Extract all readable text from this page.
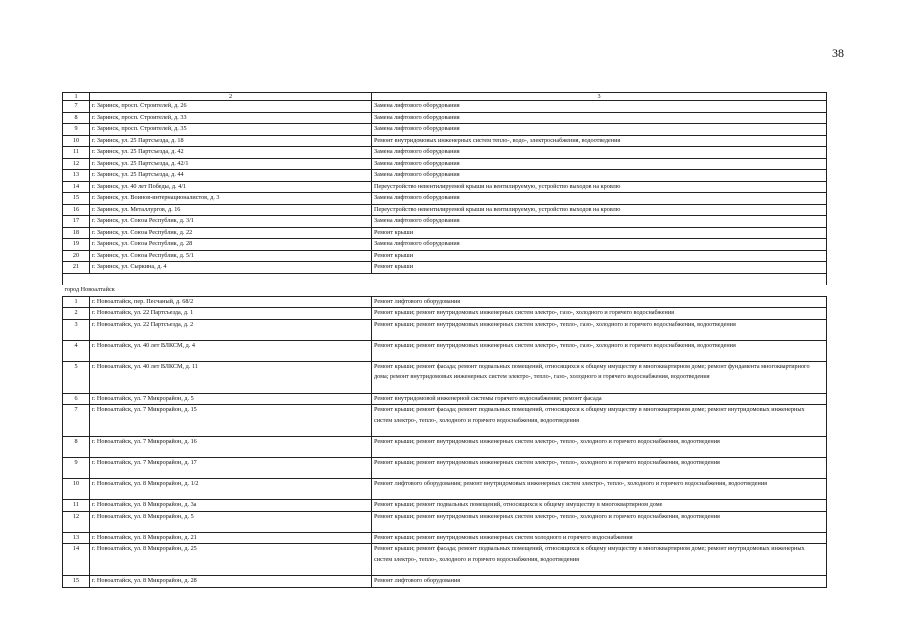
38
1	2	3
7	г. Заринск, просп. Строителей, д. 26	Замена лифтового оборудования
8	г. Заринск, просп. Строителей, д. 33	Замена лифтового оборудования
9	г. Заринск, просп. Строителей, д. 35	Замена лифтового оборудования
10	г. Заринск, ул. 25 Партсъезда, д. 18	Ремонт внутридомовых инженерных систем тепло-, водо-, электроснабжения, водоотведения
11	г. Заринск, ул. 25 Партсъезда, д. 42	Замена лифтового оборудования
12	г. Заринск, ул. 25 Партсъезда, д. 42/1	Замена лифтового оборудования
13	г. Заринск, ул. 25 Партсъезда, д. 44	Замена лифтового оборудования
14	г. Заринск, ул. 40 лет Победы, д. 4/1	Переустройство невентилируемой крыши на вентилируемую, устройство выходов на кровлю
15	г. Заринск, ул. Воинов-интернационалистов, д. 3	Замена лифтового оборудования
16	г. Заринск, ул. Металлургов, д. 16	Переустройство невентилируемой крыши на вентилируемую, устройство выходов на кровлю
17	г. Заринск, ул. Союза Республик, д. 3/1	Замена лифтового оборудования
18	г. Заринск, ул. Союза Республик, д. 22	Ремонт крыши
19	г. Заринск, ул. Союза Республик, д. 28	Замена лифтового оборудования
20	г. Заринск, ул. Союза Республик, д. 5/1	Ремонт крыши
21	г. Заринск, ул. Сыркина, д. 4	Ремонт крыши

город Новоалтайск		
1	г. Новоалтайск, пер. Песчаный, д. 68/2	Ремонт лифтового оборудования
2	г. Новоалтайск, ул. 22 Партсъезда, д. 1	Ремонт крыши; ремонт внутридомовых инженерных систем электро-, газо-, холодного и горячего водоснабжения
3	г. Новоалтайск, ул. 22 Партсъезда, д. 2	Ремонт крыши; ремонт внутридомовых инженерных систем электро-, тепло-, газо-, холодного и горячего водоснабжения, водоотведения
4	г. Новоалтайск, ул. 40 лет ВЛКСМ, д. 4	Ремонт крыши; ремонт внутридомовых инженерных систем электро-, тепло-, газо-, холодного и горячего водоснабжения, водоотведения
5	г. Новоалтайск, ул. 40 лет ВЛКСМ, д. 11	Ремонт крыши; ремонт фасада; ремонт подвальных помещений, относящихся к общему имуществу в многоквартирном доме; ремонт фундамента многоквартирного дома; ремонт внутридомовых инженерных систем электро-, тепло-, газо-, холодного и горячего водоснабжения, водоотведения
6	г. Новоалтайск, ул. 7 Микрорайон, д. 5	Ремонт внутридомовой инженерной системы горячего водоснабжения; ремонт фасада
7	г. Новоалтайск, ул. 7 Микрорайон, д. 15	Ремонт крыши; ремонт фасада; ремонт подвальных помещений, относящихся к общему имуществу в многоквартирном доме; ремонт внутридомовых инженерных систем электро-, тепло-, холодного и горячего водоснабжения, водоотведения
8	г. Новоалтайск, ул. 7 Микрорайон, д. 16	Ремонт крыши; ремонт внутридомовых инженерных систем электро-, тепло-, холодного и горячего водоснабжения, водоотведения
9	г. Новоалтайск, ул. 7 Микрорайон, д. 17	Ремонт крыши; ремонт внутридомовых инженерных систем электро-, тепло-, холодного и горячего водоснабжения, водоотведения
10	г. Новоалтайск, ул. 8 Микрорайон, д. 1/2	Ремонт лифтового оборудования; ремонт внутридомовых инженерных систем электро-, тепло-, холодного и горячего водоснабжения, водоотведения
11	г. Новоалтайск, ул. 8 Микрорайон, д. 3а	Ремонт крыши; ремонт подвальных помещений, относящихся к общему имуществу в многоквартирном доме
12	г. Новоалтайск, ул. 8 Микрорайон, д. 5	Ремонт крыши; ремонт внутридомовых инженерных систем электро-, тепло-, холодного и горячего водоснабжения, водоотведения
13	г. Новоалтайск, ул. 8 Микрорайон, д. 21	Ремонт крыши; ремонт внутридомовых инженерных систем холодного и горячего водоснабжения
14	г. Новоалтайск, ул. 8 Микрорайон, д. 25	Ремонт крыши; ремонт фасада; ремонт подвальных помещений, относящихся к общему имуществу в многоквартирном доме; ремонт внутридомовых инженерных систем электро-, тепло-, холодного и горячего водоснабжения, водоотведения
15	г. Новоалтайск, ул. 8 Микрорайон, д. 28	Ремонт лифтового оборудования
